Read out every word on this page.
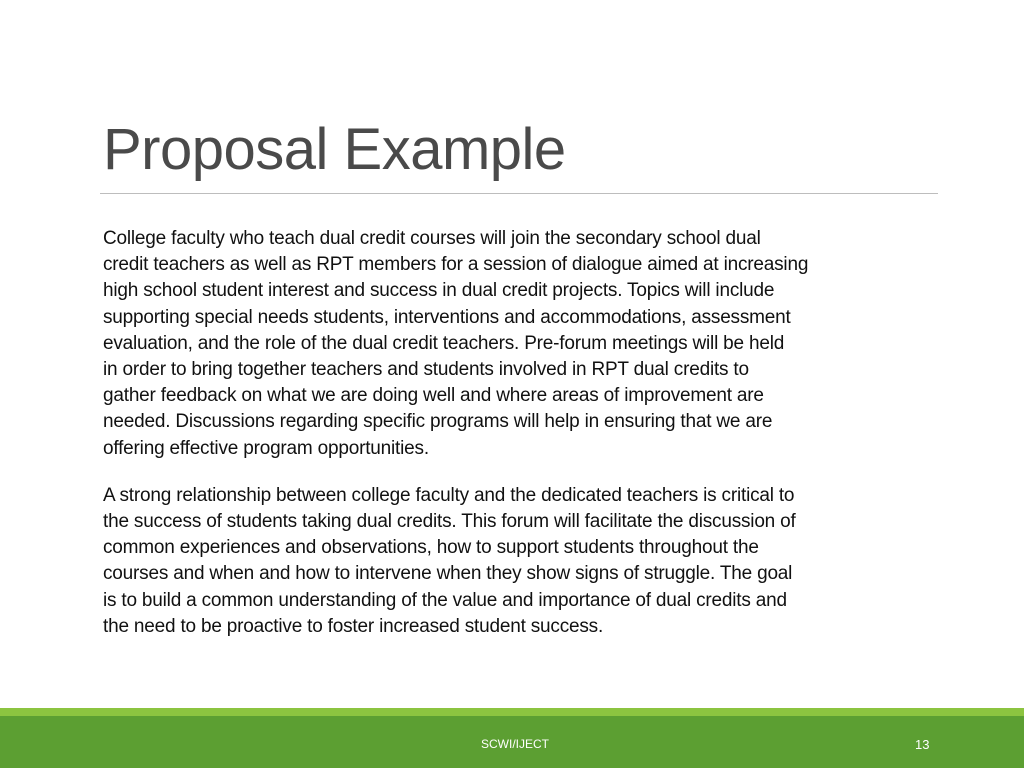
Proposal Example

College faculty who teach dual credit courses will join the secondary school dual
credit teachers as well as RPT members for a session of dialogue aimed at increasing
high school student interest and success in dual credit projects. Topics will include
supporting special needs students, interventions and accommodations, assessment
evaluation, and the role of the dual credit teachers. Pre-forum meetings will be held
in order to bring together teachers and students involved in RPT dual credits to
gather feedback on what we are doing well and where areas of improvement are
needed. Discussions regarding specific programs will help in ensuring that we are
offering effective program opportunities.

A strong relationship between college faculty and the dedicated teachers is critical to
the success of students taking dual credits. This forum will facilitate the discussion of
common experiences and observations, how to support students throughout the
courses and when and how to intervene when they show signs of struggle. The goal
is to build a common understanding of the value and importance of dual credits and
the need to be proactive to foster increased student success.

SCWI/IJECT	13
